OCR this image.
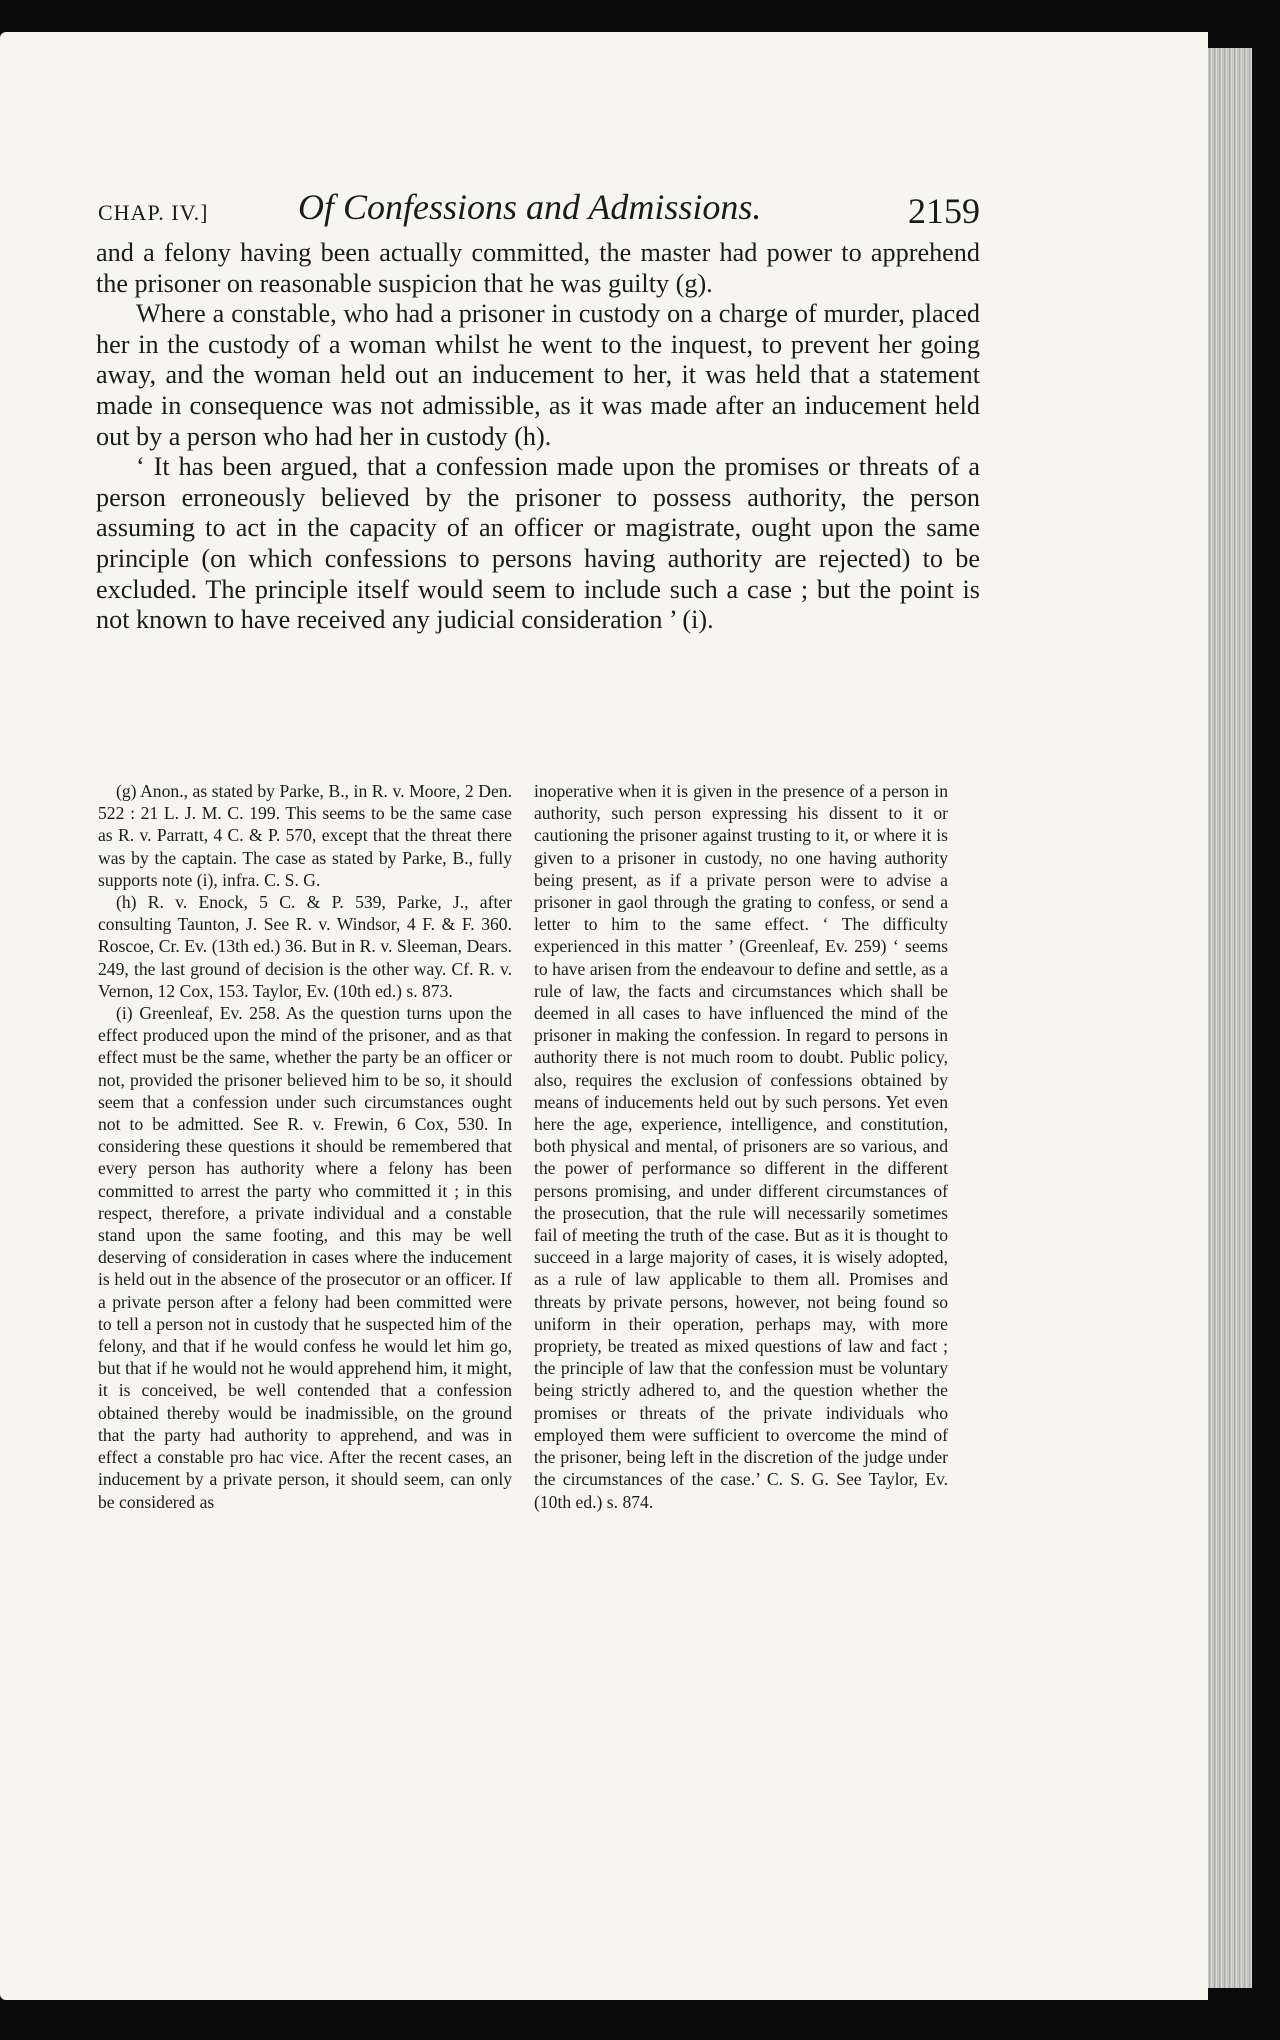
CHAP. IV.] Of Confessions and Admissions.	2159

and a felony having been actually committed, the master had power to apprehend the prisoner on reasonable suspicion that he was guilty (g).

Where a constable, who had a prisoner in custody on a charge of murder, placed her in the custody of a woman whilst he went to the inquest, to prevent her going away, and the woman held out an inducement to her, it was held that a statement made in consequence was not admissible, as it was made after an inducement held out by a person who had her in custody (h).

‘ It has been argued, that a confession made upon the promises or threats of a person erroneously believed by the prisoner to possess authority, the person assuming to act in the capacity of an officer or magistrate, ought upon the same principle (on which confessions to persons having authority are rejected) to be excluded. The principle itself would seem to include such a case ; but the point is not known to have received any judicial consideration ’ (i).

(g) Anon., as stated by Parke, B., in R. v. Moore, 2 Den. 522 : 21 L. J. M. C. 199. This seems to be the same case as R. v. Parratt, 4 C. & P. 570, except that the threat there was by the captain. The case as stated by Parke, B., fully supports note (i), infra. C. S. G.

(h) R. v. Enock, 5 C. & P. 539, Parke, J., after consulting Taunton, J. See R. v. Windsor, 4 F. & F. 360. Roscoe, Cr. Ev. (13th ed.) 36. But in R. v. Sleeman, Dears. 249, the last ground of decision is the other way. Cf. R. v. Vernon, 12 Cox, 153. Taylor, Ev. (10th ed.) s. 873.

(i) Greenleaf, Ev. 258. As the question turns upon the effect produced upon the mind of the prisoner, and as that effect must be the same, whether the party be an officer or not, provided the prisoner believed him to be so, it should seem that a confession under such circumstances ought not to be admitted. See R. v. Frewin, 6 Cox, 530. In considering these questions it should be remembered that every person has authority where a felony has been committed to arrest the party who committed it ; in this respect, therefore, a private individual and a constable stand upon the same footing, and this may be well deserving of consideration in cases where the inducement is held out in the absence of the prosecutor or an officer. If a private person after a felony had been committed were to tell a person not in custody that he suspected him of the felony, and that if he would confess he would let him go, but that if he would not he would apprehend him, it might, it is conceived, be well contended that a confession obtained thereby would be inadmissible, on the ground that the party had authority to apprehend, and was in effect a constable pro hac vice. After the recent cases, an inducement by a private person, it should seem, can only be considered as

inoperative when it is given in the presence of a person in authority, such person expressing his dissent to it or cautioning the prisoner against trusting to it, or where it is given to a prisoner in custody, no one having authority being present, as if a private person were to advise a prisoner in gaol through the grating to confess, or send a letter to him to the same effect. ‘ The difficulty experienced in this matter ’ (Greenleaf, Ev. 259) ‘ seems to have arisen from the endeavour to define and settle, as a rule of law, the facts and circumstances which shall be deemed in all cases to have influenced the mind of the prisoner in making the confession. In regard to persons in authority there is not much room to doubt. Public policy, also, requires the exclusion of confessions obtained by means of inducements held out by such persons. Yet even here the age, experience, intelligence, and constitution, both physical and mental, of prisoners are so various, and the power of performance so different in the different persons promising, and under different circumstances of the prosecution, that the rule will necessarily sometimes fail of meeting the truth of the case. But as it is thought to succeed in a large majority of cases, it is wisely adopted, as a rule of law applicable to them all. Promises and threats by private persons, however, not being found so uniform in their operation, perhaps may, with more propriety, be treated as mixed questions of law and fact ; the principle of law that the confession must be voluntary being strictly adhered to, and the question whether the promises or threats of the private individuals who employed them were sufficient to overcome the mind of the prisoner, being left in the discretion of the judge under the circumstances of the case.’ C. S. G. See Taylor, Ev. (10th ed.) s. 874.
